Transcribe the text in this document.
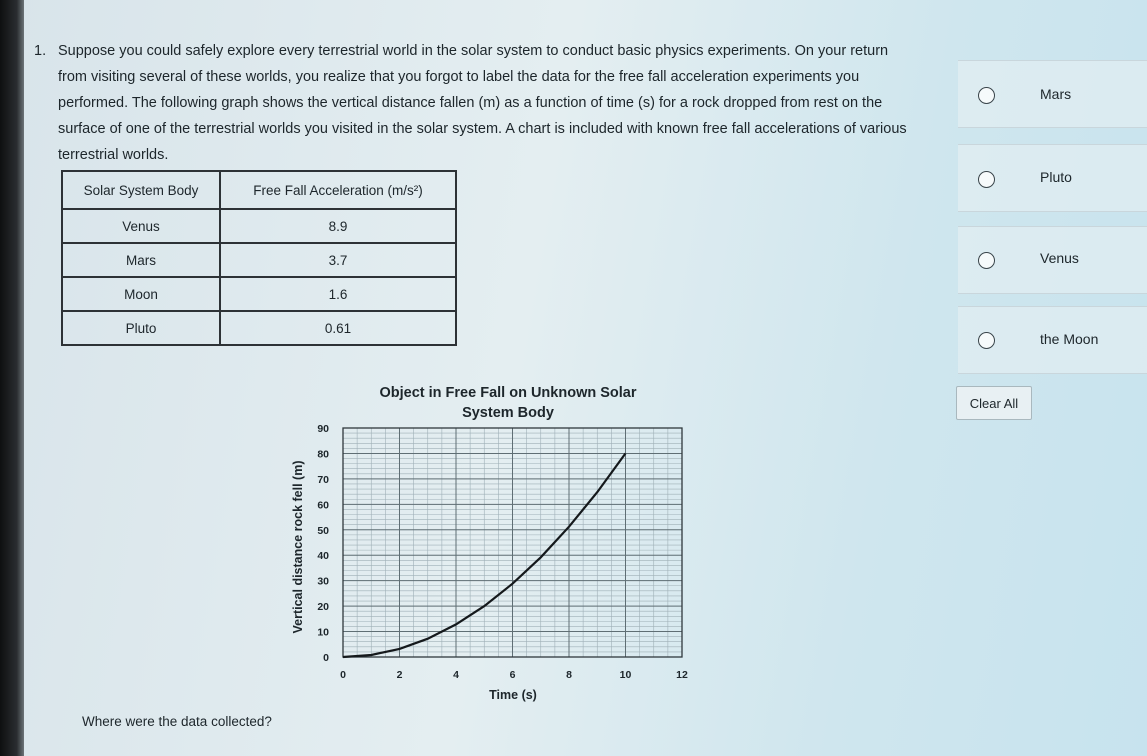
1. Suppose you could safely explore every terrestrial world in the solar system to conduct basic physics experiments. On your return from visiting several of these worlds, you realize that you forgot to label the data for the free fall acceleration experiments you performed. The following graph shows the vertical distance fallen (m) as a function of time (s) for a rock dropped from rest on the surface of one of the terrestrial worlds you visited in the solar system. A chart is included with known free fall accelerations of various terrestrial worlds.
Solar System Body	Free Fall Acceleration (m/s²)
Venus	8.9
Mars	3.7
Moon	1.6
Pluto	0.61
Object in Free Fall on Unknown Solar
System Body
0	2	4	6	8	10	12
0
10
20
30
40
50
60
70
80
90
Time (s)
Vertical distance rock fell (m)
Where were the data collected?
Mars
Pluto
Venus
the Moon
Clear All
